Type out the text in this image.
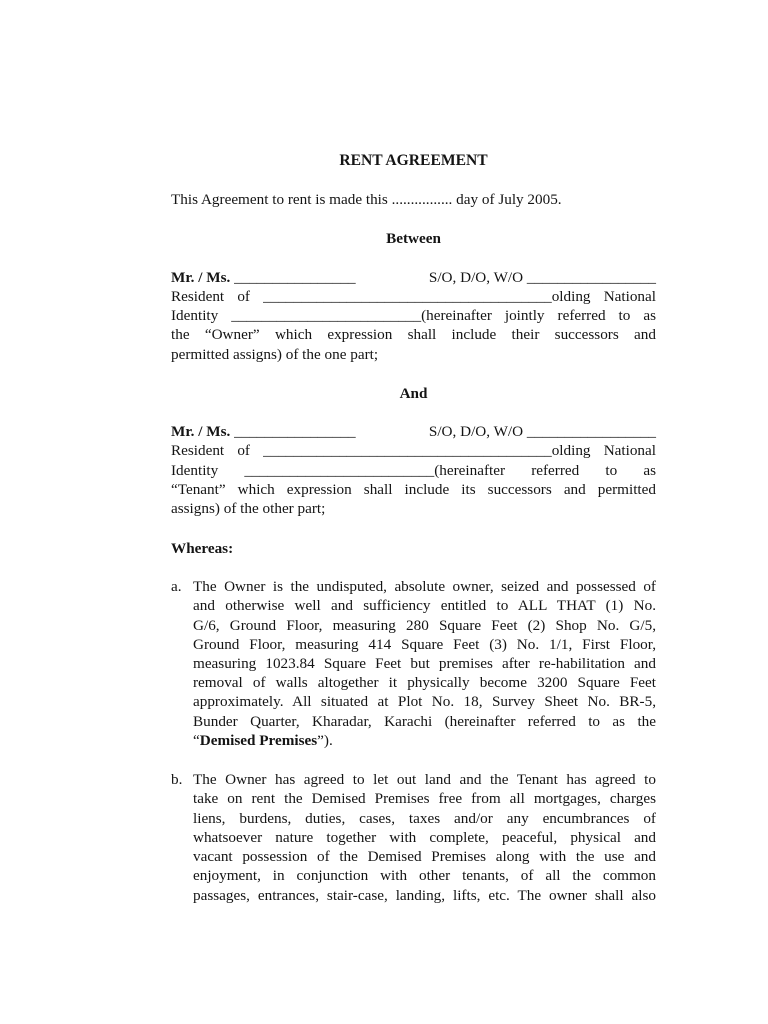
RENT AGREEMENT
This Agreement to rent is made this ................ day of July 2005.
Between
Mr. / Ms. ________________	S/O, D/O, W/O _________________
Resident of ______________________________________olding National
Identity _________________________(hereinafter jointly referred to as
the “Owner” which expression shall include their successors and
permitted assigns) of the one part;
And
Mr. / Ms. ________________	S/O, D/O, W/O _________________
Resident of ______________________________________olding National
Identity _________________________(hereinafter referred to as
“Tenant” which expression shall include its successors and permitted
assigns) of the other part;
Whereas:
a. The Owner is the undisputed, absolute owner, seized and possessed of
and otherwise well and sufficiency entitled to ALL THAT (1) No.
G/6, Ground Floor, measuring 280 Square Feet (2) Shop No. G/5,
Ground Floor, measuring 414 Square Feet (3) No. 1/1, First Floor,
measuring 1023.84 Square Feet but premises after re-habilitation and
removal of walls altogether it physically become 3200 Square Feet
approximately. All situated at Plot No. 18, Survey Sheet No. BR-5,
Bunder Quarter, Kharadar, Karachi (hereinafter referred to as the
“Demised Premises”).
b. The Owner has agreed to let out land and the Tenant has agreed to
take on rent the Demised Premises free from all mortgages, charges
liens, burdens, duties, cases, taxes and/or any encumbrances of
whatsoever nature together with complete, peaceful, physical and
vacant possession of the Demised Premises along with the use and
enjoyment, in conjunction with other tenants, of all the common
passages, entrances, stair-case, landing, lifts, etc. The owner shall also
